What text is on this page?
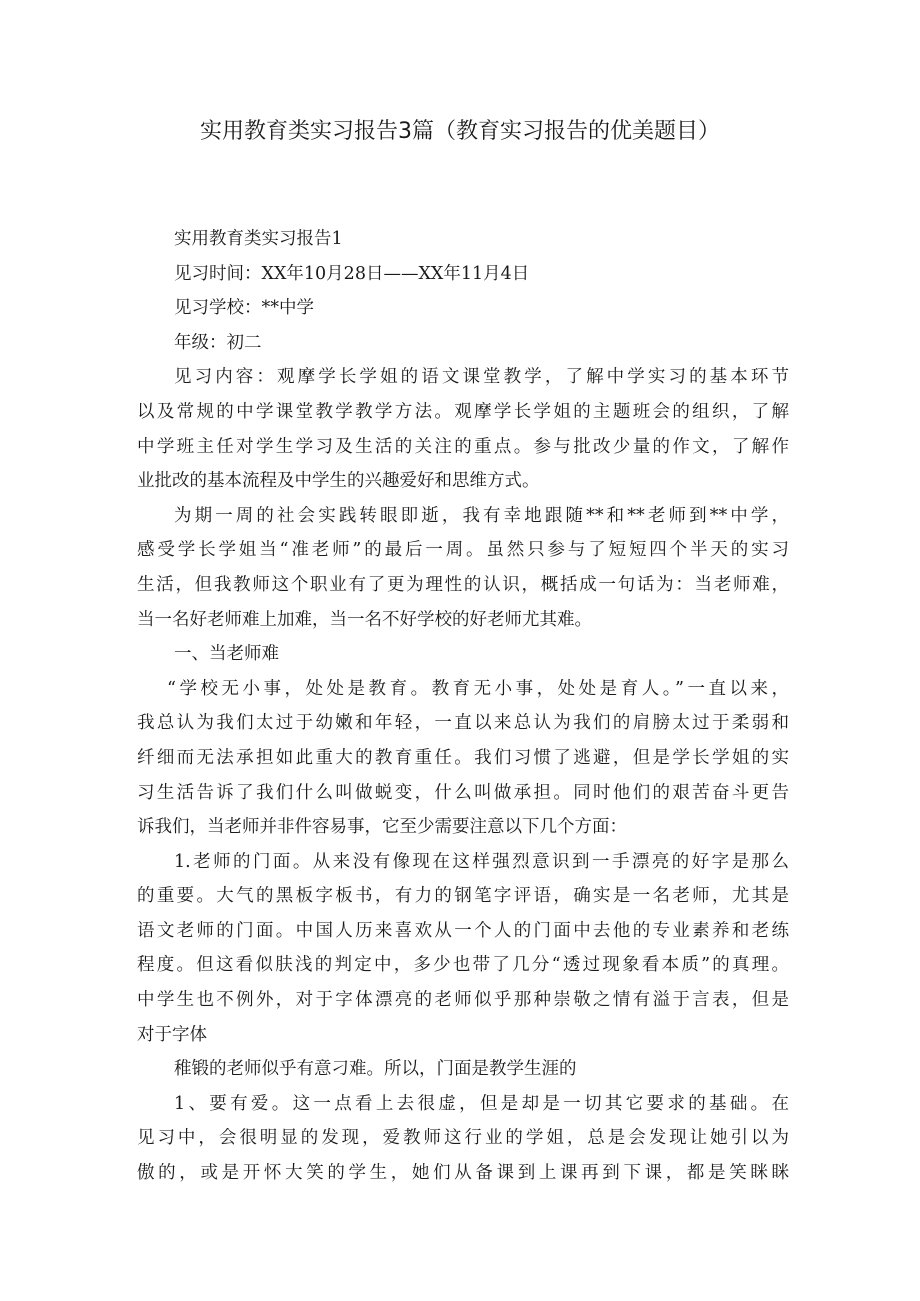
实用教育类实习报告3篇（教育实习报告的优美题目）
实用教育类实习报告1
见习时间：XX年10月28日——XX年11月4日
见习学校：**中学
年级：初二
见习内容：观摩学长学姐的语文课堂教学，了解中学实习的基本环节
以及常规的中学课堂教学教学方法。观摩学长学姐的主题班会的组织，了解
中学班主任对学生学习及生活的关注的重点。参与批改少量的作文，了解作
业批改的基本流程及中学生的兴趣爱好和思维方式。
为期一周的社会实践转眼即逝，我有幸地跟随**和**老师到**中学，
感受学长学姐当“准老师”的最后一周。虽然只参与了短短四个半天的实习
生活，但我教师这个职业有了更为理性的认识，概括成一句话为：当老师难，
当一名好老师难上加难，当一名不好学校的好老师尤其难。
一、当老师难
“学校无小事，处处是教育。教育无小事，处处是育人。”一直以来，
我总认为我们太过于幼嫩和年轻，一直以来总认为我们的肩膀太过于柔弱和
纤细而无法承担如此重大的教育重任。我们习惯了逃避，但是学长学姐的实
习生活告诉了我们什么叫做蜕变，什么叫做承担。同时他们的艰苦奋斗更告
诉我们，当老师并非件容易事，它至少需要注意以下几个方面：
1.老师的门面。从来没有像现在这样强烈意识到一手漂亮的好字是那么
的重要。大气的黑板字板书，有力的钢笔字评语，确实是一名老师，尤其是
语文老师的门面。中国人历来喜欢从一个人的门面中去他的专业素养和老练
程度。但这看似肤浅的判定中，多少也带了几分“透过现象看本质”的真理。
中学生也不例外，对于字体漂亮的老师似乎那种崇敬之情有溢于言表，但是
对于字体
稚锻的老师似乎有意刁难。所以，门面是教学生涯的
1、要有爱。这一点看上去很虚，但是却是一切其它要求的基础。在
见习中，会很明显的发现，爱教师这行业的学姐，总是会发现让她引以为
傲的，或是开怀大笑的学生，她们从备课到上课再到下课，都是笑眯眯
